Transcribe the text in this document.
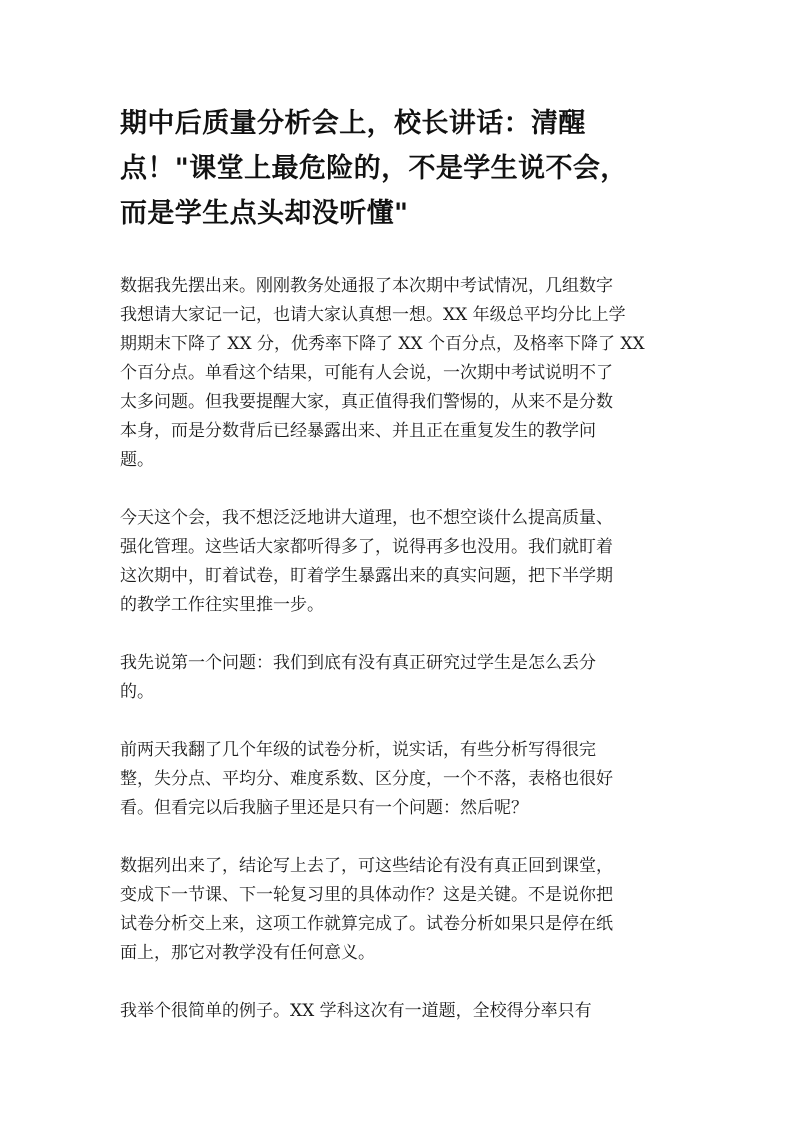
期中后质量分析会上，校长讲话：清醒
点！"课堂上最危险的，不是学生说不会，
而是学生点头却没听懂"

数据我先摆出来。刚刚教务处通报了本次期中考试情况，几组数字
我想请大家记一记，也请大家认真想一想。XX 年级总平均分比上学
期期末下降了 XX 分，优秀率下降了 XX 个百分点，及格率下降了 XX
个百分点。单看这个结果，可能有人会说，一次期中考试说明不了
太多问题。但我要提醒大家，真正值得我们警惕的，从来不是分数
本身，而是分数背后已经暴露出来、并且正在重复发生的教学问
题。

今天这个会，我不想泛泛地讲大道理，也不想空谈什么提高质量、
强化管理。这些话大家都听得多了，说得再多也没用。我们就盯着
这次期中，盯着试卷，盯着学生暴露出来的真实问题，把下半学期
的教学工作往实里推一步。

我先说第一个问题：我们到底有没有真正研究过学生是怎么丢分
的。

前两天我翻了几个年级的试卷分析，说实话，有些分析写得很完
整，失分点、平均分、难度系数、区分度，一个不落，表格也很好
看。但看完以后我脑子里还是只有一个问题：然后呢？

数据列出来了，结论写上去了，可这些结论有没有真正回到课堂，
变成下一节课、下一轮复习里的具体动作？这是关键。不是说你把
试卷分析交上来，这项工作就算完成了。试卷分析如果只是停在纸
面上，那它对教学没有任何意义。

我举个很简单的例子。XX 学科这次有一道题，全校得分率只有
